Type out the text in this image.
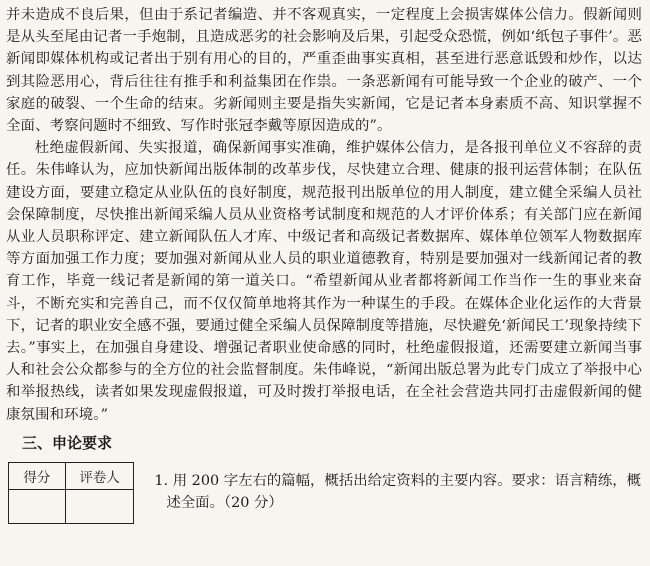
并未造成不良后果，但由于系记者编造、并不客观真实，一定程度上会损害媒体公信力。假新闻则是从头至尾由记者一手炮制，且造成恶劣的社会影响及后果，引起受众恐慌，例如‘纸包子事件’。恶新闻即媒体机构或记者出于别有用心的目的，严重歪曲事实真相，甚至进行恶意诋毁和炒作，以达到其险恶用心，背后往往有推手和利益集团在作祟。一条恶新闻有可能导致一个企业的破产、一个家庭的破裂、一个生命的结束。劣新闻则主要是指失实新闻，它是记者本身素质不高、知识掌握不全面、考察问题时不细致、写作时张冠李戴等原因造成的”。

杜绝虚假新闻、失实报道，确保新闻事实准确，维护媒体公信力，是各报刊单位义不容辞的责任。朱伟峰认为，应加快新闻出版体制的改革步伐，尽快建立合理、健康的报刊运营体制；在队伍建设方面，要建立稳定从业队伍的良好制度，规范报刊出版单位的用人制度，建立健全采编人员社会保障制度，尽快推出新闻采编人员从业资格考试制度和规范的人才评价体系；有关部门应在新闻从业人员职称评定、建立新闻队伍人才库、中级记者和高级记者数据库、媒体单位领军人物数据库等方面加强工作力度；要加强对新闻从业人员的职业道德教育，特别是要加强对一线新闻记者的教育工作，毕竟一线记者是新闻的第一道关口。“希望新闻从业者都将新闻工作当作一生的事业来奋斗，不断充实和完善自己，而不仅仅简单地将其作为一种谋生的手段。在媒体企业化运作的大背景下，记者的职业安全感不强，要通过健全采编人员保障制度等措施，尽快避免‘新闻民工’现象持续下去。”事实上，在加强自身建设、增强记者职业使命感的同时，杜绝虚假报道，还需要建立新闻当事人和社会公众都参与的全方位的社会监督制度。朱伟峰说，“新闻出版总署为此专门成立了举报中心和举报热线，读者如果发现虚假报道，可及时拨打举报电话，在全社会营造共同打击虚假新闻的健康氛围和环境。”

三、申论要求
得分	评卷人
	1. 用 200 字左右的篇幅，概括出给定资料的主要内容。要求：语言精练，概
述全面。（20 分）
